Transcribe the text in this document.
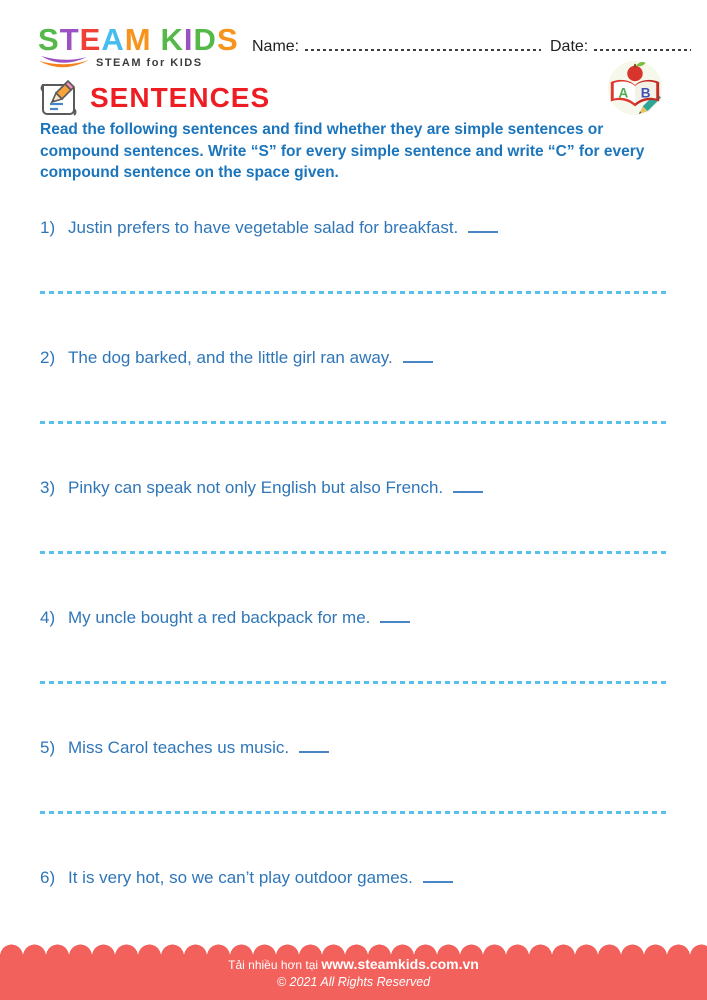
STEAM KIDS
STEAM for KIDS
Name:	Date:
A B
SENTENCES
Read the following sentences and find whether they are simple sentences or compound sentences. Write “S” for every simple sentence and write “C” for every compound sentence on the space given.
1) Justin prefers to have vegetable salad for breakfast.
2) The dog barked, and the little girl ran away.
3) Pinky can speak not only English but also French.
4) My uncle bought a red backpack for me.
5) Miss Carol teaches us music.
6) It is very hot, so we can’t play outdoor games.
Tải nhiều hơn tại www.steamkids.com.vn
© 2021 All Rights Reserved
